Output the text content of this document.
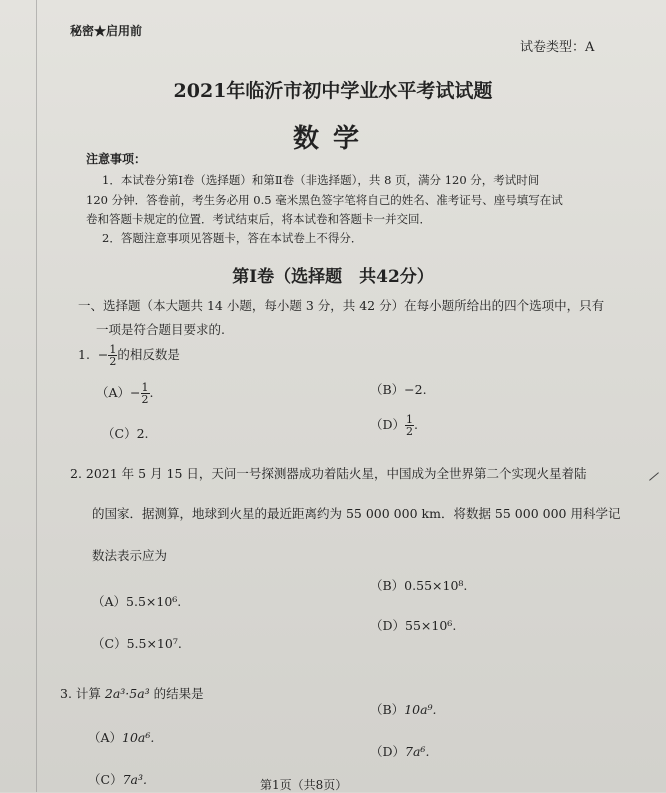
秘密★启用前
试卷类型：A
2021年临沂市初中学业水平考试试题
数学
注意事项：
1．本试卷分第Ⅰ卷（选择题）和第Ⅱ卷（非选择题），共 8 页，满分 120 分，考试时间
120 分钟．答卷前，考生务必用 0.5 毫米黑色签字笔将自己的姓名、准考证号、座号填写在试
卷和答题卡规定的位置．考试结束后，将本试卷和答题卡一并交回．
2．答题注意事项见答题卡，答在本试卷上不得分．
第Ⅰ卷（选择题　共42分）
一、选择题（本大题共 14 小题，每小题 3 分，共 42 分）在每小题所给出的四个选项中，只有
一项是符合题目要求的.
1. − $\frac{1}{2}$ 的相反数是
$(A)- \frac{1}{2}$ .	（B）−2.
（C）2.
$(D) \frac{1}{2}$ .
2. 2021 年 5 月 15 日，天问一号探测器成功着陆火星，中国成为全世界第二个实现火星着陆
的国家．据测算，地球到火星的最近距离约为 55 000 000 km．将数据 55 000 000 用科学记
数法表示应为
（A）5.5×10⁶.
（B）0.55×10⁸.
（C）5.5×10⁷.
（D）55×10⁶.
3. 计算 2a³·5a³ 的结果是
（B）10a⁹.
（A）10a⁶.
（D）7a⁶.
（C）7a³.	第1页（共8页）
